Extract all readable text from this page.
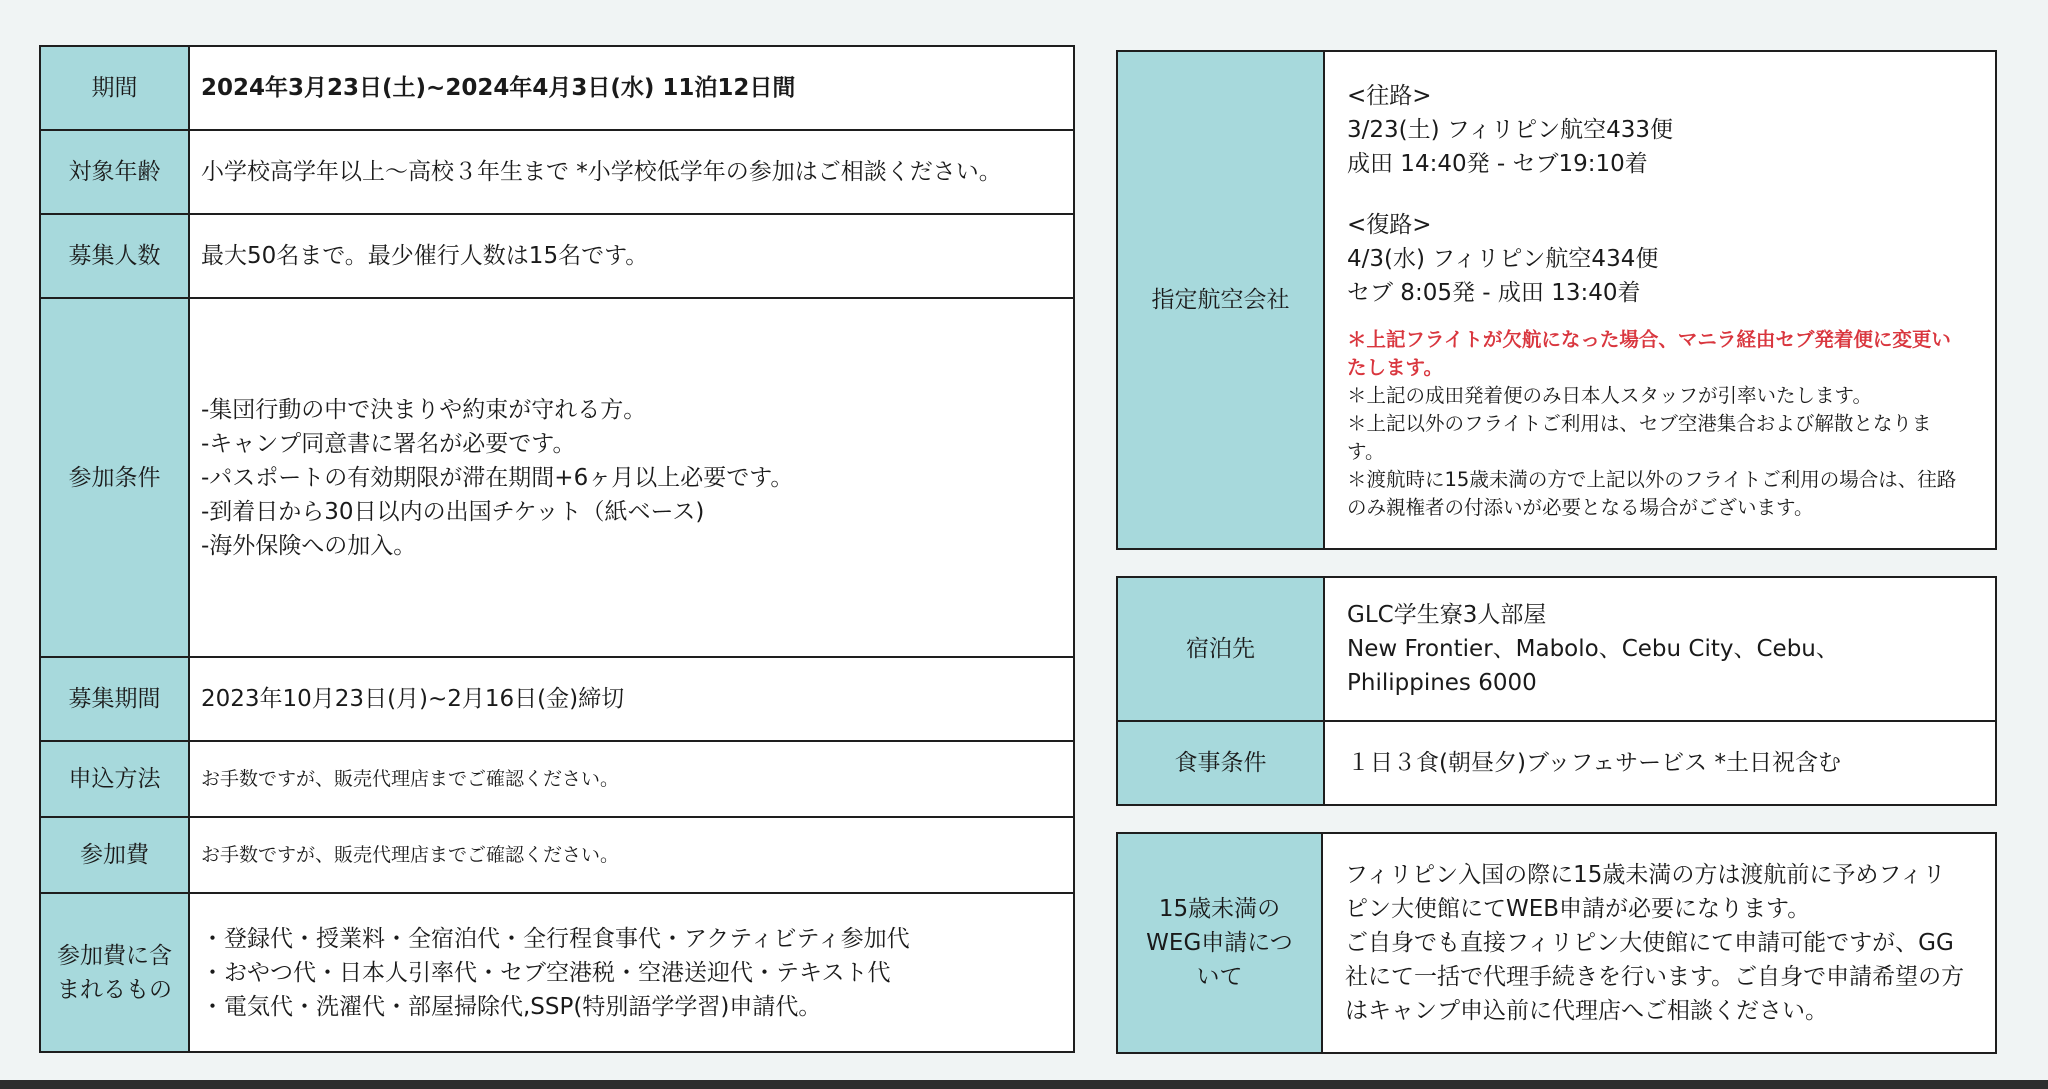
期間	2024年3月23日(土)~2024年4月3日(水) 11泊12日間
対象年齢	小学校高学年以上～高校３年生まで *小学校低学年の参加はご相談ください。

募集人数	最大50名まで。最少催行人数は15名です。
参加条件	-集団行動の中で決まりや約束が守れる方。
-キャンプ同意書に署名が必要です。
-パスポートの有効期限が滞在期間+6ヶ月以上必要です。
-到着日から30日以内の出国チケット（紙ベース)
-海外保険への加入。

募集期間	2023年10月23日(月)~2月16日(金)締切
申込方法	お手数ですが、販売代理店までご確認ください。
参加費	お手数ですが、販売代理店までご確認ください。

参加費に含
まれるもの	・登録代・授業料・全宿泊代・全行程食事代・アクティビティ参加代
・おやつ代・日本人引率代・セブ空港税・空港送迎代・テキスト代
・電気代・洗濯代・部屋掃除代,SSP(特別語学学習)申請代。
指定航空会社	
<往路>
3/23(土) フィリピン航空433便
成田 14:40発 - セブ19:10着
<復路>
4/3(水) フィリピン航空434便
セブ 8:05発 - 成田 13:40着
＊上記フライトが欠航になった場合、マニラ経由セブ発着便に変更いたします。
＊上記の成田発着便のみ日本人スタッフが引率いたします。
＊上記以外のフライトご利用は、セブ空港集合および解散となります。
＊渡航時に15歳未満の方で上記以外のフライトご利用の場合は、往路のみ親権者の付添いが必要となる場合がございます。
宿泊先	GLC学生寮3人部屋
New Frontier、Mabolo、Cebu City、Cebu、Philippines 6000

食事条件	１日３食(朝昼夕)ブッフェサービス *土日祝含む
15歳未満の
WEG申請につ
いて

フィリピン入国の際に15歳未満の方は渡航前に予めフィリピン大使館にてWEB申請が必要になります。
ご自身でも直接フィリピン大使館にて申請可能ですが、GG社にて一括で代理手続きを行います。ご自身で申請希望の方はキャンプ申込前に代理店へご相談ください。
